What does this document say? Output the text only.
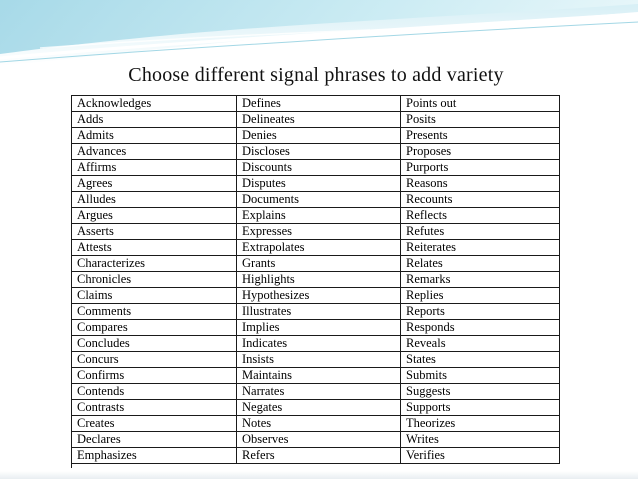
Choose different signal phrases to add variety
Acknowledges	Defines	Points out
Adds	Delineates	Posits
Admits	Denies	Presents
Advances	Discloses	Proposes
Affirms	Discounts	Purports
Agrees	Disputes	Reasons
Alludes	Documents	Recounts
Argues	Explains	Reflects
Asserts	Expresses	Refutes
Attests	Extrapolates	Reiterates
Characterizes	Grants	Relates
Chronicles	Highlights	Remarks
Claims	Hypothesizes	Replies
Comments	Illustrates	Reports
Compares	Implies	Responds
Concludes	Indicates	Reveals
Concurs	Insists	States
Confirms	Maintains	Submits
Contends	Narrates	Suggests
Contrasts	Negates	Supports
Creates	Notes	Theorizes
Declares	Observes	Writes
Emphasizes	Refers	Verifies
